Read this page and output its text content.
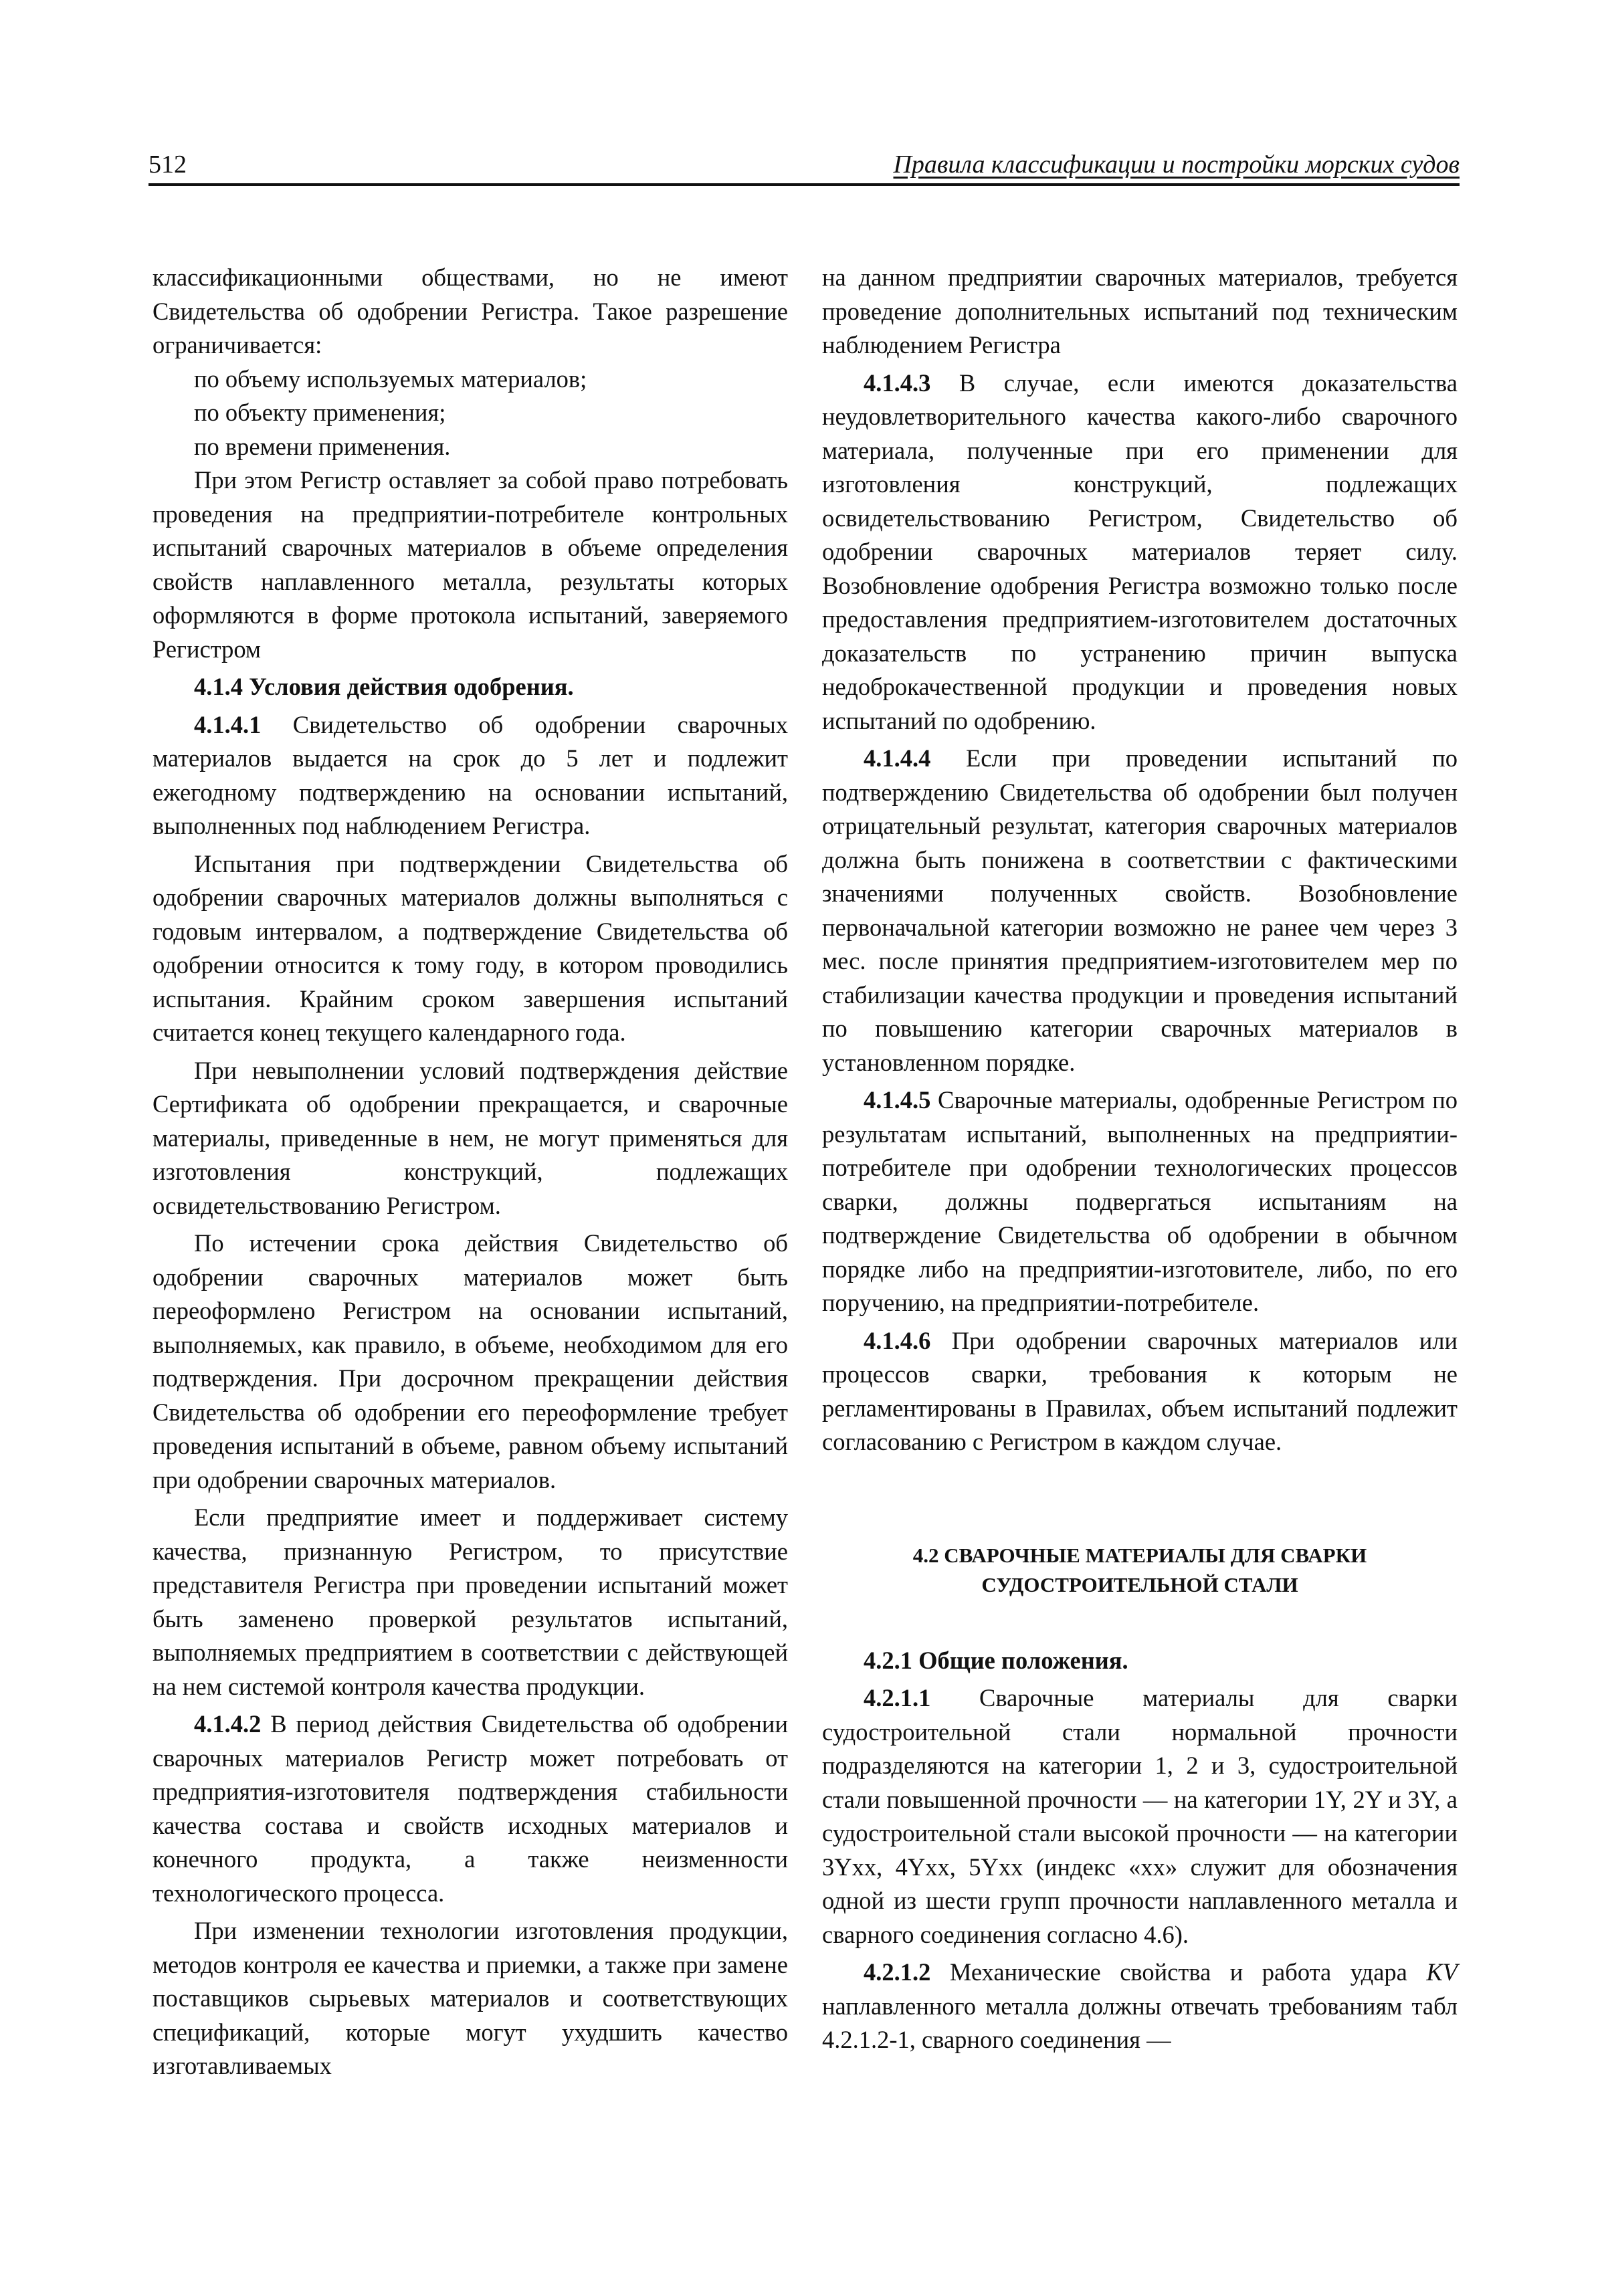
512	Правила классификации и постройки морских судов

классификационными обществами, но не имеют Свидетельства об одобрении Регистра. Такое разрешение ограничивается:

по объему используемых материалов;

по объекту применения;

по времени применения.

При этом Регистр оставляет за собой право потребовать проведения на предприятии-потребителе контрольных испытаний сварочных материалов в объеме определения свойств наплавленного металла, результаты которых оформляются в форме протокола испытаний, заверяемого Регистром

4.1.4 Условия действия одобрения.

4.1.4.1 Свидетельство об одобрении сварочных материалов выдается на срок до 5 лет и подлежит ежегодному подтверждению на основании испытаний, выполненных под наблюдением Регистра.

Испытания при подтверждении Свидетельства об одобрении сварочных материалов должны выполняться с годовым интервалом, а подтверждение Свидетельства об одобрении относится к тому году, в котором проводились испытания. Крайним сроком завершения испытаний считается конец текущего календарного года.

При невыполнении условий подтверждения действие Сертификата об одобрении прекращается, и сварочные материалы, приведенные в нем, не могут применяться для изготовления конструкций, подлежащих освидетельствованию Регистром.

По истечении срока действия Свидетельство об одобрении сварочных материалов может быть переоформлено Регистром на основании испытаний, выполняемых, как правило, в объеме, необходимом для его подтверждения. При досрочном прекращении действия Свидетельства об одобрении его переоформление требует проведения испытаний в объеме, равном объему испытаний при одобрении сварочных материалов.

Если предприятие имеет и поддерживает систему качества, признанную Регистром, то присутствие представителя Регистра при проведении испытаний может быть заменено проверкой результатов испытаний, выполняемых предприятием в соответствии с действующей на нем системой контроля качества продукции.

4.1.4.2 В период действия Свидетельства об одобрении сварочных материалов Регистр может потребовать от предприятия-изготовителя подтверждения стабильности качества состава и свойств исходных материалов и конечного продукта, а также неизменности технологического процесса.

При изменении технологии изготовления продукции, методов контроля ее качества и приемки, а также при замене поставщиков сырьевых материалов и соответствующих спецификаций, которые могут ухудшить качество изготавливаемых

на данном предприятии сварочных материалов, требуется проведение дополнительных испытаний под техническим наблюдением Регистра

4.1.4.3 В случае, если имеются доказательства неудовлетворительного качества какого-либо сварочного материала, полученные при его применении для изготовления конструкций, подлежащих освидетельствованию Регистром, Свидетельство об одобрении сварочных материалов теряет силу. Возобновление одобрения Регистра возможно только после предоставления предприятием-изготовителем достаточных доказательств по устранению причин выпуска недоброкачественной продукции и проведения новых испытаний по одобрению.

4.1.4.4 Если при проведении испытаний по подтверждению Свидетельства об одобрении был получен отрицательный результат, категория сварочных материалов должна быть понижена в соответствии с фактическими значениями полученных свойств. Возобновление первоначальной категории возможно не ранее чем через 3 мес. после принятия предприятием-изготовителем мер по стабилизации качества продукции и проведения испытаний по повышению категории сварочных материалов в установленном порядке.

4.1.4.5 Сварочные материалы, одобренные Регистром по результатам испытаний, выполненных на предприятии-потребителе при одобрении технологических процессов сварки, должны подвергаться испытаниям на подтверждение Свидетельства об одобрении в обычном порядке либо на предприятии-изготовителе, либо, по его поручению, на предприятии-потребителе.

4.1.4.6 При одобрении сварочных материалов или процессов сварки, требования к которым не регламентированы в Правилах, объем испытаний подлежит согласованию с Регистром в каждом случае.

4.2 СВАРОЧНЫЕ МАТЕРИАЛЫ ДЛЯ СВАРКИ
СУДОСТРОИТЕЛЬНОЙ СТАЛИ

4.2.1 Общие положения.

4.2.1.1 Сварочные материалы для сварки судостроительной стали нормальной прочности подразделяются на категории 1, 2 и 3, судостроительной стали повышенной прочности — на категории 1Y, 2Y и 3Y, а судостроительной стали высокой прочности — на категории 3Yxx, 4Yxx, 5Yxx (индекс «xx» служит для обозначения одной из шести групп прочности наплавленного металла и сварного соединения согласно 4.6).

4.2.1.2 Механические свойства и работа удара KV наплавленного металла должны отвечать требованиям табл 4.2.1.2-1, сварного соединения —
